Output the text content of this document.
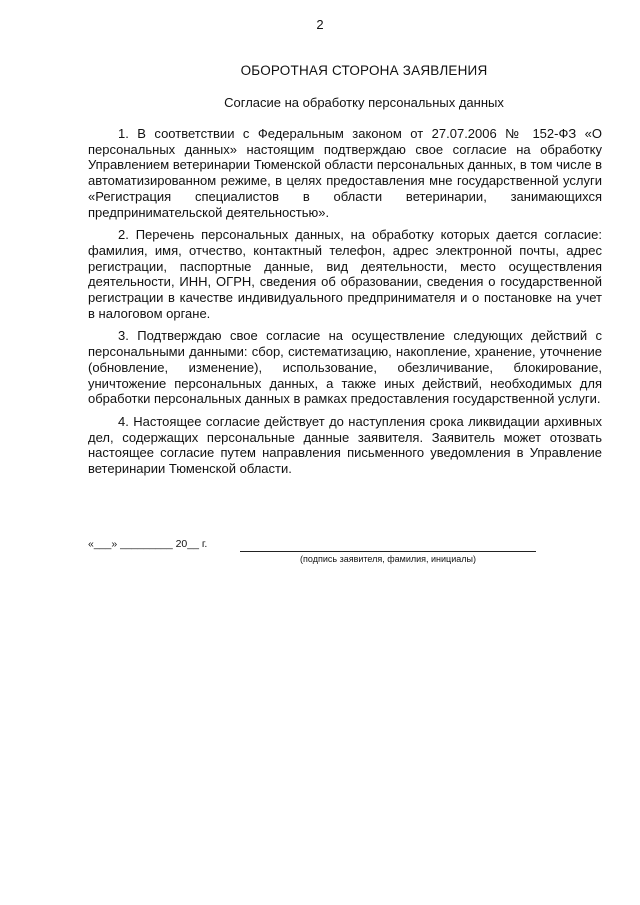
2
ОБОРОТНАЯ СТОРОНА ЗАЯВЛЕНИЯ
Согласие на обработку персональных данных

1. В соответствии с Федеральным законом от 27.07.2006 № 152-ФЗ «О персональных данных» настоящим подтверждаю свое согласие на обработку Управлением ветеринарии Тюменской области персональных данных, в том числе в автоматизированном режиме, в целях предоставления мне государственной услуги «Регистрация специалистов в области ветеринарии, занимающихся предпринимательской деятельностью».

2. Перечень персональных данных, на обработку которых дается согласие: фамилия, имя, отчество, контактный телефон, адрес электронной почты, адрес регистрации, паспортные данные, вид деятельности, место осуществления деятельности, ИНН, ОГРН, сведения об образовании, сведения о государственной регистрации в качестве индивидуального предпринимателя и о постановке на учет в налоговом органе.

3. Подтверждаю свое согласие на осуществление следующих действий с персональными данными: сбор, систематизацию, накопление, хранение, уточнение (обновление, изменение), использование, обезличивание, блокирование, уничтожение персональных данных, а также иных действий, необходимых для обработки персональных данных в рамках предоставления государственной услуги.

4. Настоящее согласие действует до наступления срока ликвидации архивных дел, содержащих персональные данные заявителя. Заявитель может отозвать настоящее согласие путем направления письменного уведомления в Управление ветеринарии Тюменской области.

«___» _________ 20__ г.
(подпись заявителя, фамилия, инициалы)
